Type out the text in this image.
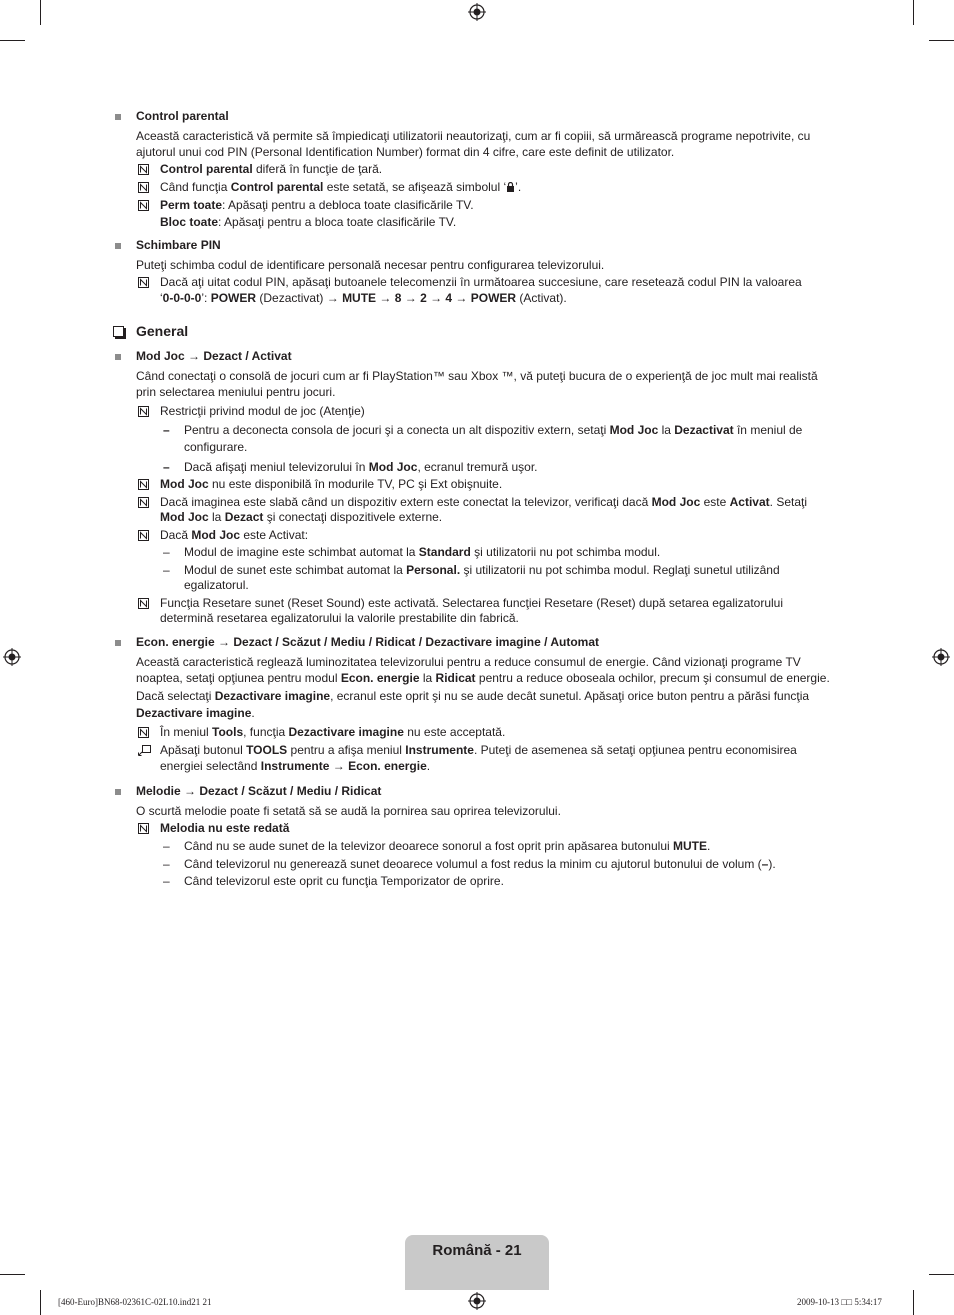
Control parental
Această caracteristică vă permite să împiedicaţi utilizatorii neautorizaţi, cum ar fi copiii, să urmărească programe nepotrivite, cu
ajutorul unui cod PIN (Personal Identification Number) format din 4 cifre, care este definit de utilizator.
Control parental diferă în funcţie de ţară.
Când funcţia Control parental este setată, se afişează simbolul ‘ ’.
Perm toate: Apăsaţi pentru a debloca toate clasificările TV.
Bloc toate: Apăsaţi pentru a bloca toate clasificările TV.
Schimbare PIN
Puteţi schimba codul de identificare personală necesar pentru configurarea televizorului.
Dacă aţi uitat codul PIN, apăsaţi butoanele telecomenzii în următoarea succesiune, care resetează codul PIN la valoarea
‘0-0-0-0’: POWER (Dezactivat) → MUTE → 8 → 2 → 4 → POWER (Activat).
General
Mod Joc → Dezact / Activat
Când conectaţi o consolă de jocuri cum ar fi PlayStation™ sau Xbox ™, vă puteţi bucura de o experienţă de joc mult mai realistă
prin selectarea meniului pentru jocuri.
Restricţii privind modul de joc (Atenţie)
– Pentru a deconecta consola de jocuri şi a conecta un alt dispozitiv extern, setaţi Mod Joc la Dezactivat în meniul de
configurare.
– Dacă afişaţi meniul televizorului în Mod Joc, ecranul tremură uşor.
Mod Joc nu este disponibilă în modurile TV, PC şi Ext obişnuite.
Dacă imaginea este slabă când un dispozitiv extern este conectat la televizor, verificaţi dacă Mod Joc este Activat. Setaţi
Mod Joc la Dezact şi conectaţi dispozitivele externe.
Dacă Mod Joc este Activat:
– Modul de imagine este schimbat automat la Standard şi utilizatorii nu pot schimba modul.
– Modul de sunet este schimbat automat la Personal. şi utilizatorii nu pot schimba modul. Reglaţi sunetul utilizând
egalizatorul.
Funcţia Resetare sunet (Reset Sound) este activată. Selectarea funcţiei Resetare (Reset) după setarea egalizatorului
determină resetarea egalizatorului la valorile prestabilite din fabrică.
Econ. energie → Dezact / Scăzut / Mediu / Ridicat / Dezactivare imagine / Automat
Această caracteristică reglează luminozitatea televizorului pentru a reduce consumul de energie. Când vizionaţi programe TV
noaptea, setaţi opţiunea pentru modul Econ. energie la Ridicat pentru a reduce oboseala ochilor, precum şi consumul de energie.
Dacă selectaţi Dezactivare imagine, ecranul este oprit şi nu se aude decât sunetul. Apăsaţi orice buton pentru a părăsi funcţia
Dezactivare imagine.
În meniul Tools, funcţia Dezactivare imagine nu este acceptată.
Apăsaţi butonul TOOLS pentru a afişa meniul Instrumente. Puteţi de asemenea să setaţi opţiunea pentru economisirea
energiei selectând Instrumente → Econ. energie.
Melodie → Dezact / Scăzut / Mediu / Ridicat
O scurtă melodie poate fi setată să se audă la pornirea sau oprirea televizorului.
Melodia nu este redată
– Când nu se aude sunet de la televizor deoarece sonorul a fost oprit prin apăsarea butonului MUTE.
– Când televizorul nu generează sunet deoarece volumul a fost redus la minim cu ajutorul butonului de volum (–).
– Când televizorul este oprit cu funcţia Temporizator de oprire.
Română - 21
[460-Euro]BN68-02361C-02L10.ind21 21	2009-10-13 □□ 5:34:17
